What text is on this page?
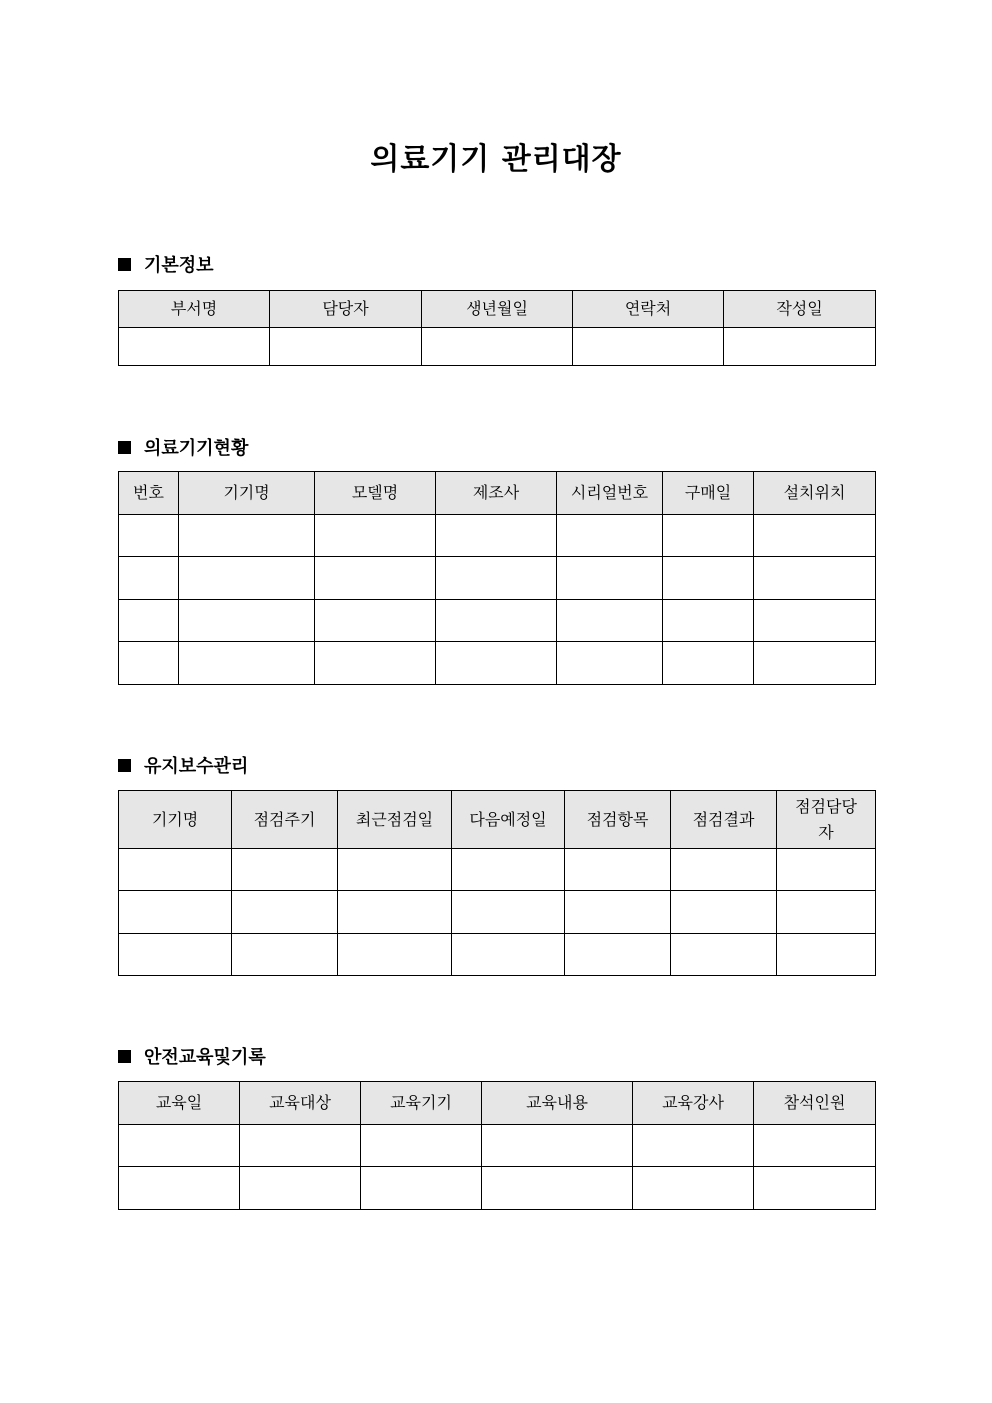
의료기기 관리대장
기본정보
부서명	담당자	생년월일	연락처	작성일

의료기기현황
번호	기기명	모델명	제조사	시리얼번호	구매일	설치위치

유지보수관리
기기명	점검주기	최근점검일	다음예정일	점검항목	점검결과	점검담당자

안전교육및기록
교육일	교육대상	교육기기	교육내용	교육강사	참석인원
